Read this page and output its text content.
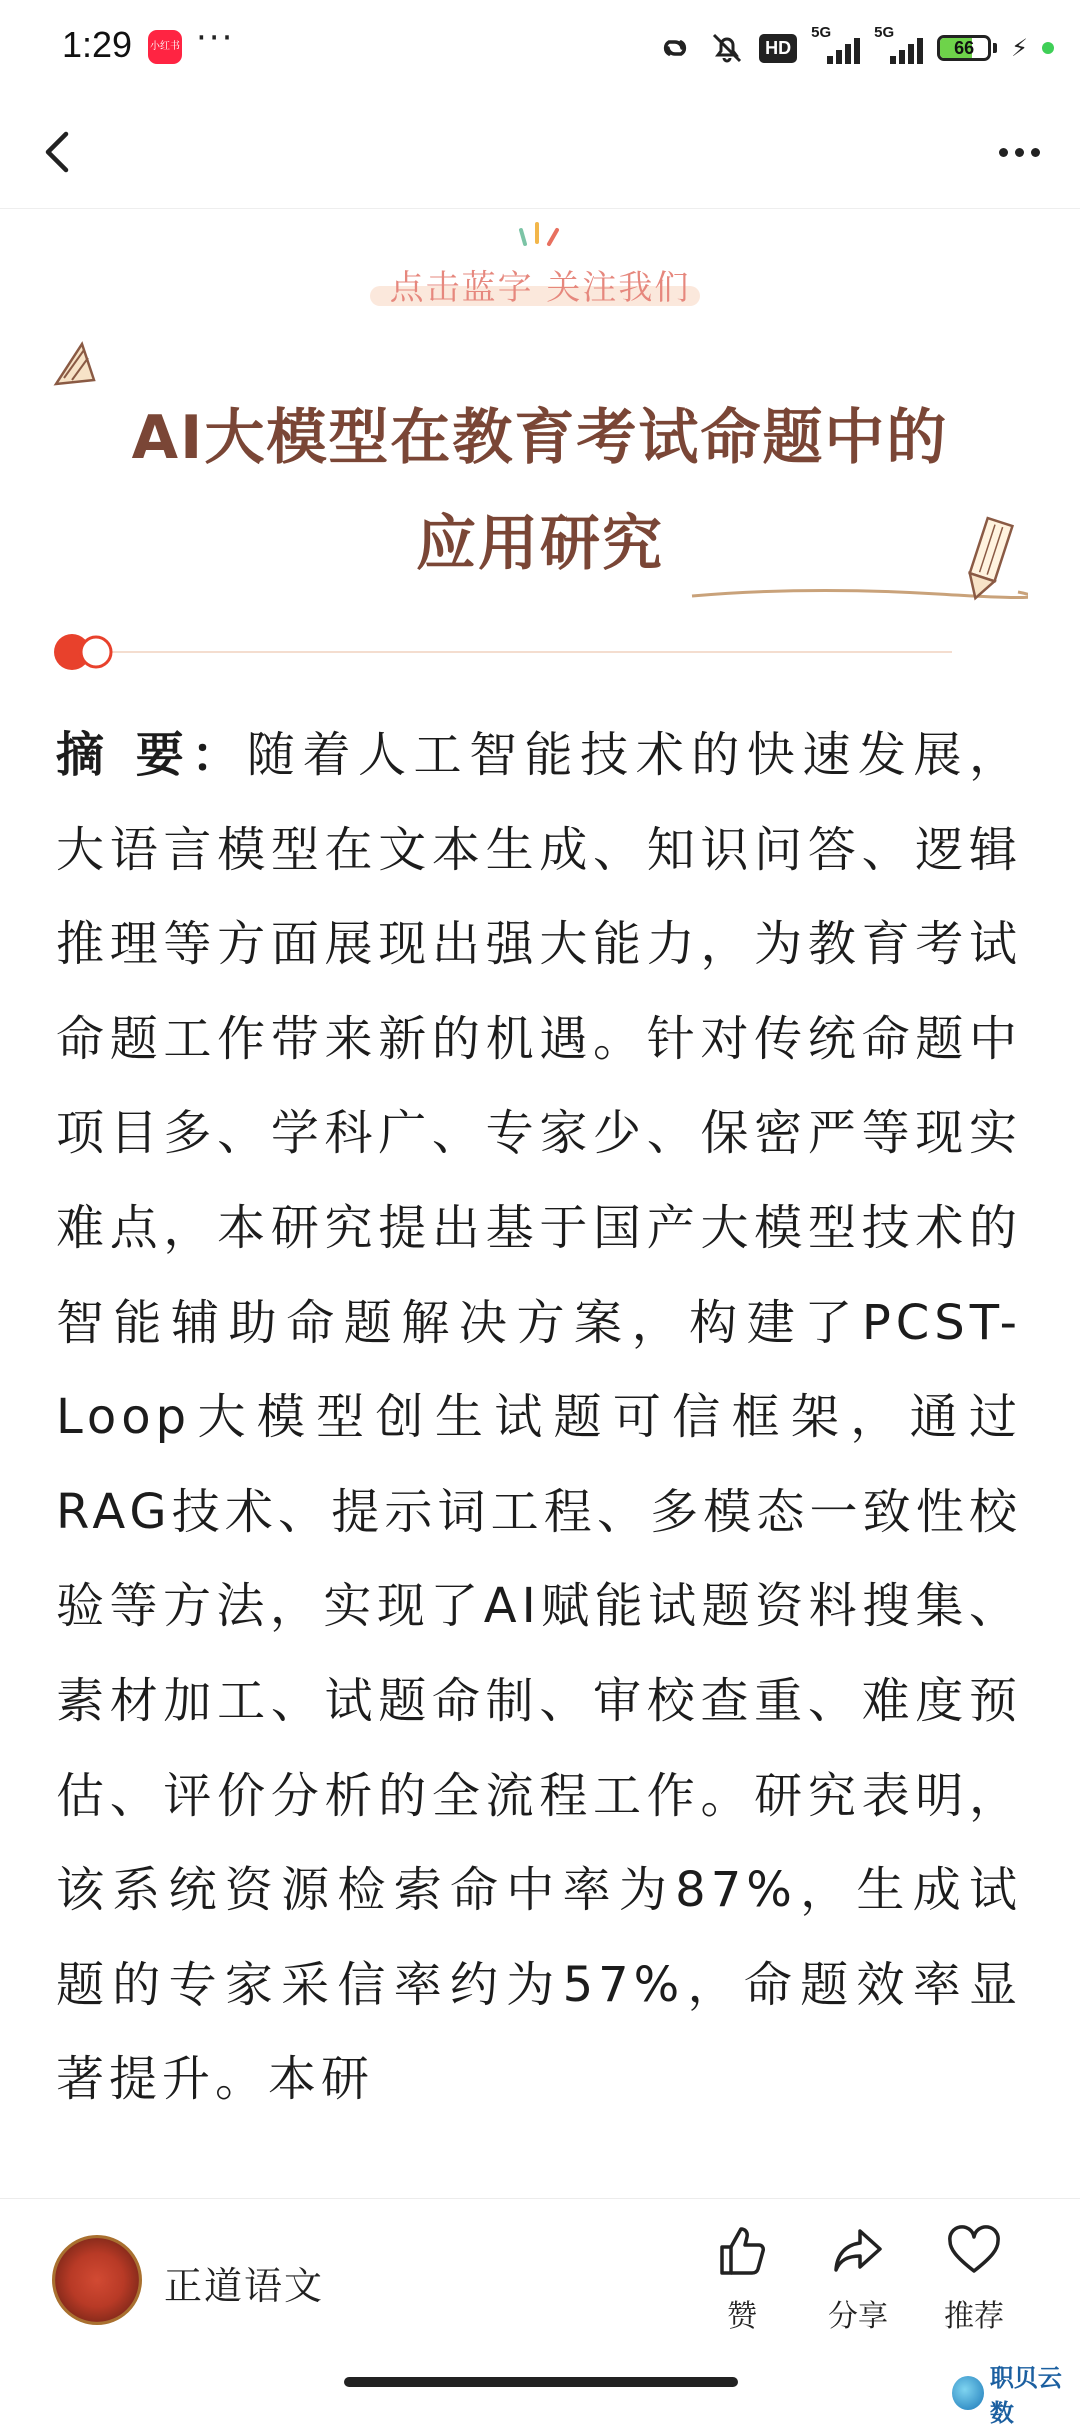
1:29 小红书 ···	HD
5G	5G
66	⚡
点击蓝字 关注我们
AI大模型在教育考试命题中的
应用研究

摘 要：随着人工智能技术的快速发展，大语言模型在文本生成、知识问答、逻辑推理等方面展现出强大能力，为教育考试命题工作带来新的机遇。针对传统命题中项目多、学科广、专家少、保密严等现实难点，本研究提出基于国产大模型技术的智能辅助命题解决方案，构建了PCST-Loop大模型创生试题可信框架，通过RAG技术、提示词工程、多模态一致性校验等方法，实现了AI赋能试题资料搜集、素材加工、试题命制、审校查重、难度预估、评价分析的全流程工作。研究表明，该系统资源检索命中率为87%，生成试题的专家采信率约为57%，命题效率显著提升。本研

正道语文
赞	分享	推荐
职贝云数
